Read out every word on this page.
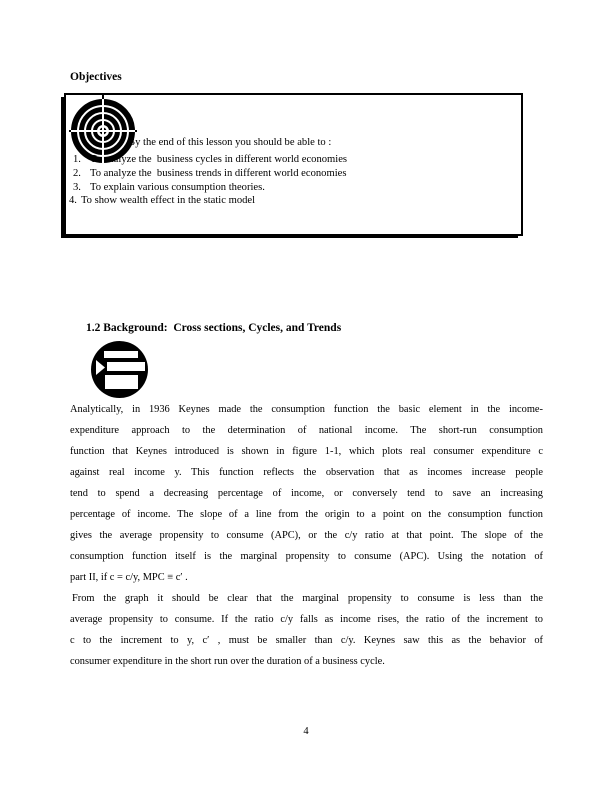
Objectives
By the end of this lesson you should be able to :
1. To analyze the  business cycles in different world economies
2. To analyze the  business trends in different world economies
3. To explain various consumption theories.
4. To show wealth effect in the static model
1.2 Background:  Cross sections, Cycles, and Trends
Analytically, in 1936 Keynes made the consumption function the basic element in the income-
expenditure approach to the determination of national income. The short-run consumption
function that Keynes introduced is shown in figure 1-1, which plots real consumer expenditure c
against real income y. This function reflects the observation that as incomes increase people
tend to spend a decreasing percentage of income, or conversely tend to save an increasing
percentage of income. The slope of a line from the origin to a point on the consumption function
gives the average propensity to consume (APC), or the c/y ratio at that point. The slope of the
consumption function itself is the marginal propensity to consume (APC). Using the notation of
part II, if c = c/y, MPC ≡ c′ .
From the graph it should be clear that the marginal propensity to consume is less than the
average propensity to consume. If the ratio c/y falls as income rises, the ratio of the increment to
c to the increment to y, c′ , must be smaller than c/y. Keynes saw this as the behavior of
consumer expenditure in the short run over the duration of a business cycle.
4
